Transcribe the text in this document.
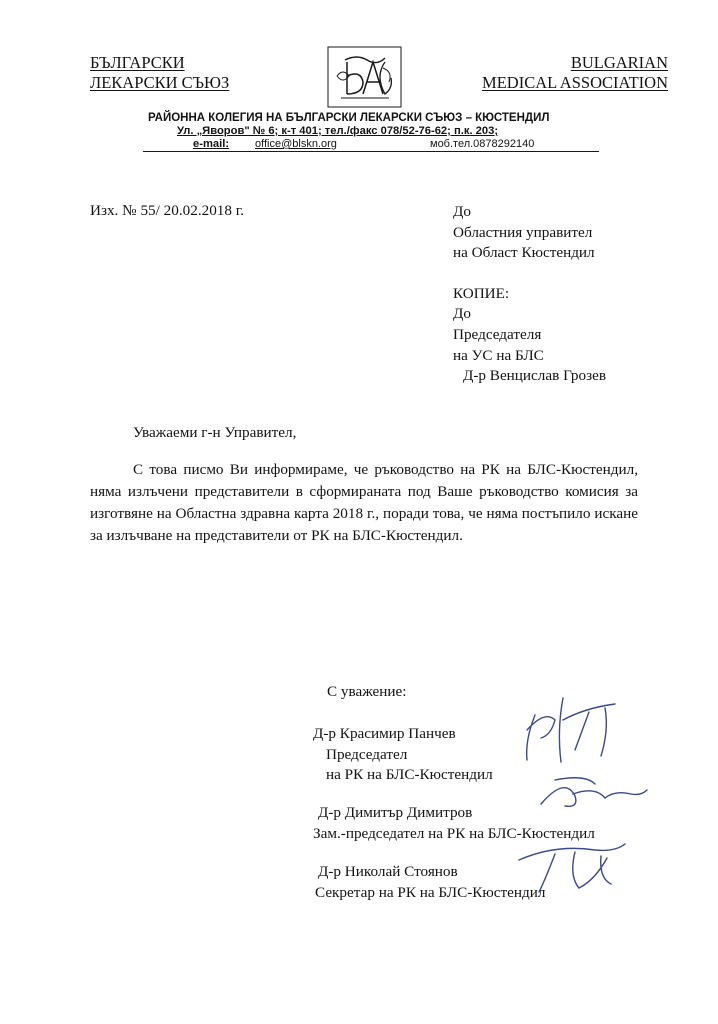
БЪЛГАРСКИ
ЛЕКАРСКИ СЪЮЗ
BULGARIAN
MEDICAL ASSOCIATION
РАЙОННА КОЛЕГИЯ НА БЪЛГАРСКИ ЛЕКАРСКИ СЪЮЗ – КЮСТЕНДИЛ
Ул. „Яворов" № 6; к-т 401; тел./факс 078/52-76-62; п.к. 203;
e-mail: office@blskn.org	моб.тел.0878292140
Изх. № 55/ 20.02.2018 г.	До
Областния управител
на Област Кюстендил
КОПИЕ:
До
Председателя
на УС на БЛС
Д-р Венцислав Грозев
Уважаеми г-н Управител,
С това писмо Ви информираме, че ръководство на РК на БЛС-Кюстендил, няма излъчени представители в сформираната под Ваше ръководство комисия за изготвяне на Областна здравна карта 2018 г., поради това, че няма постъпило искане за излъчване на представители от РК на БЛС-Кюстендил.
С уважение:
Д-р Красимир Панчев
Председател
на РК на БЛС-Кюстендил
Д-р Димитър Димитров
Зам.-председател на РК на БЛС-Кюстендил
Д-р Николай Стоянов
Секретар на РК на БЛС-Кюстендил
